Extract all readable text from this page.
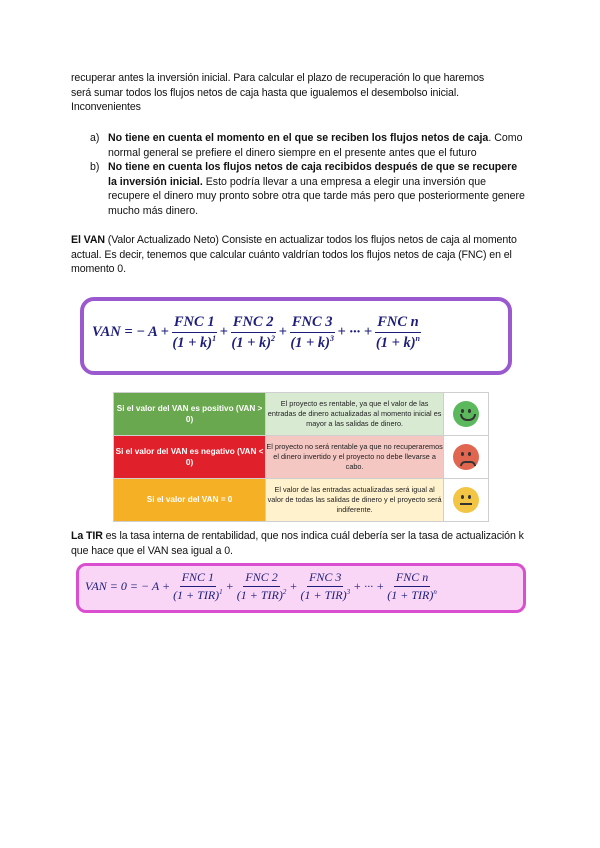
recuperar antes la inversión inicial. Para calcular el plazo de recuperación lo que haremos
será sumar todos los flujos netos de caja hasta que igualemos el desembolso inicial.
Inconvenientes
a) No tiene en cuenta el momento en el que se reciben los flujos netos de caja. Como normal general se prefiere el dinero siempre en el presente antes que el futuro
b) No tiene en cuenta los flujos netos de caja recibidos después de que se recupere la inversión inicial. Esto podría llevar a una empresa a elegir una inversión que recupere el dinero muy pronto sobre otra que tarde más pero que posteriormente genere mucho más dinero.
El VAN (Valor Actualizado Neto) Consiste en actualizar todos los flujos netos de caja al momento actual. Es decir, tenemos que calcular cuánto valdrían todos los flujos netos de caja (FNC) en el momento 0.
VAN = − $A + \frac{\text{FNC 1}}{(1 + k)^1} + \frac{\text{FNC 2}}{(1 + k)^2} + \frac{\text{FNC 3}}{(1 + k)^3}$ + ··· + $\frac{\text{FNC n}}{(1 + k)^n}$
Si el valor del VAN es positivo (VAN > 0)	El proyecto es rentable, ya que el valor de las entradas de dinero actualizadas al momento inicial es mayor a las salidas de dinero.	

Si el valor del VAN es negativo (VAN < 0)	El proyecto no será rentable ya que no recuperaremos el dinero invertido y el proyecto no debe llevarse a cabo.	

Si el valor del VAN = 0	El valor de las entradas actualizadas será igual al valor de todas las salidas de dinero y el proyecto será indiferente.	
La TIR es la tasa interna de rentabilidad, que nos indica cuál debería ser la tasa de actualización k que hace que el VAN sea igual a 0.
VAN = 0 = − $A + \frac{\text{FNC 1}}{(1 + TIR)^1} + \frac{\text{FNC 2}}{(1 + TIR)^2} + \frac{\text{FNC 3}}{(1 + TIR)^3}$ + ··· + $\frac{\text{FNC n}}{(1 + TIR)^n}$
